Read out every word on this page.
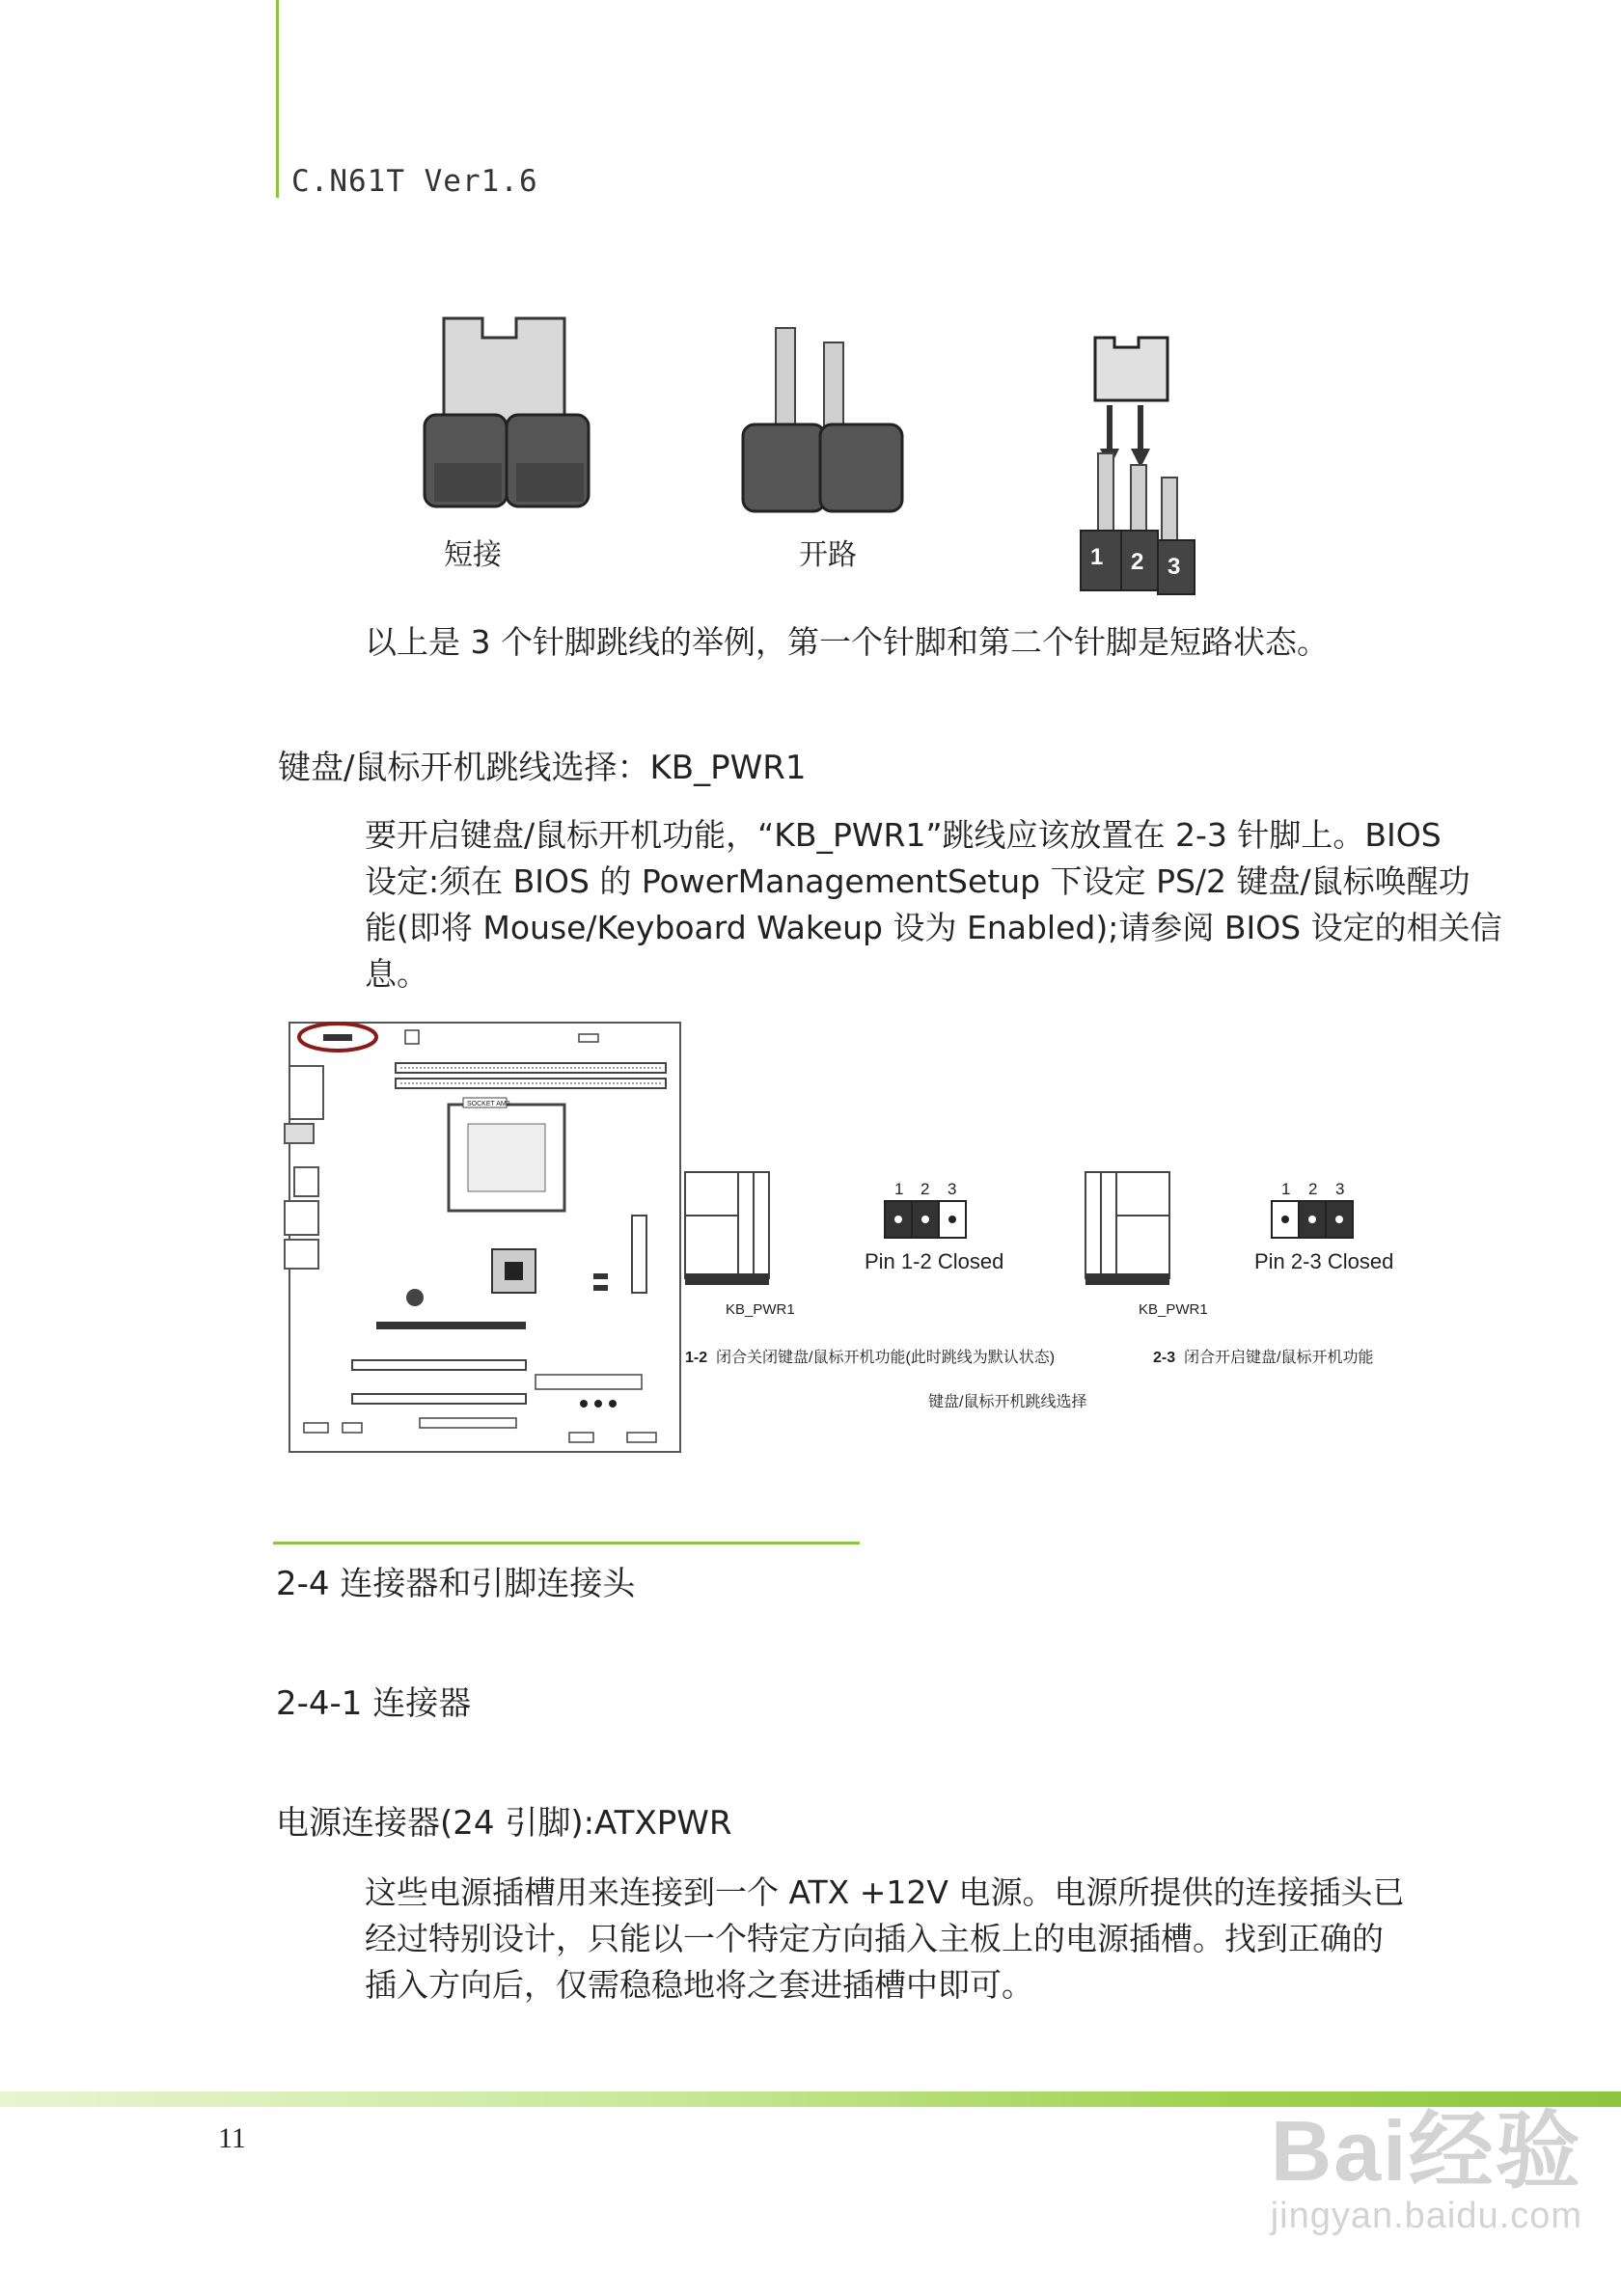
C.N61T Ver1.6
短接	开路	1 2 3
以上是 3 个针脚跳线的举例，第一个针脚和第二个针脚是短路状态。
键盘/鼠标开机跳线选择：KB_PWR1
要开启键盘/鼠标开机功能，“KB_PWR1”跳线应该放置在 2-3 针脚上。BIOS
设定:须在 BIOS 的 PowerManagementSetup 下设定 PS/2 键盘/鼠标唤醒功
能(即将 Mouse/Keyboard Wakeup 设为 Enabled);请参阅 BIOS 设定的相关信
息。
SOCKET AM2
1 2 3
Pin 1-2 Closed
1 2 3
Pin 2-3 Closed
KB_PWR1	KB_PWR1
1-2 闭合关闭键盘/鼠标开机功能(此时跳线为默认状态)	2-3 闭合开启键盘/鼠标开机功能
键盘/鼠标开机跳线选择
2-4 连接器和引脚连接头
2-4-1 连接器
电源连接器(24 引脚):ATXPWR
这些电源插槽用来连接到一个 ATX +12V 电源。电源所提供的连接插头已
经过特别设计，只能以一个特定方向插入主板上的电源插槽。找到正确的
插入方向后，仅需稳稳地将之套进插槽中即可。
11	Bai经验
jingyan.baidu.com
